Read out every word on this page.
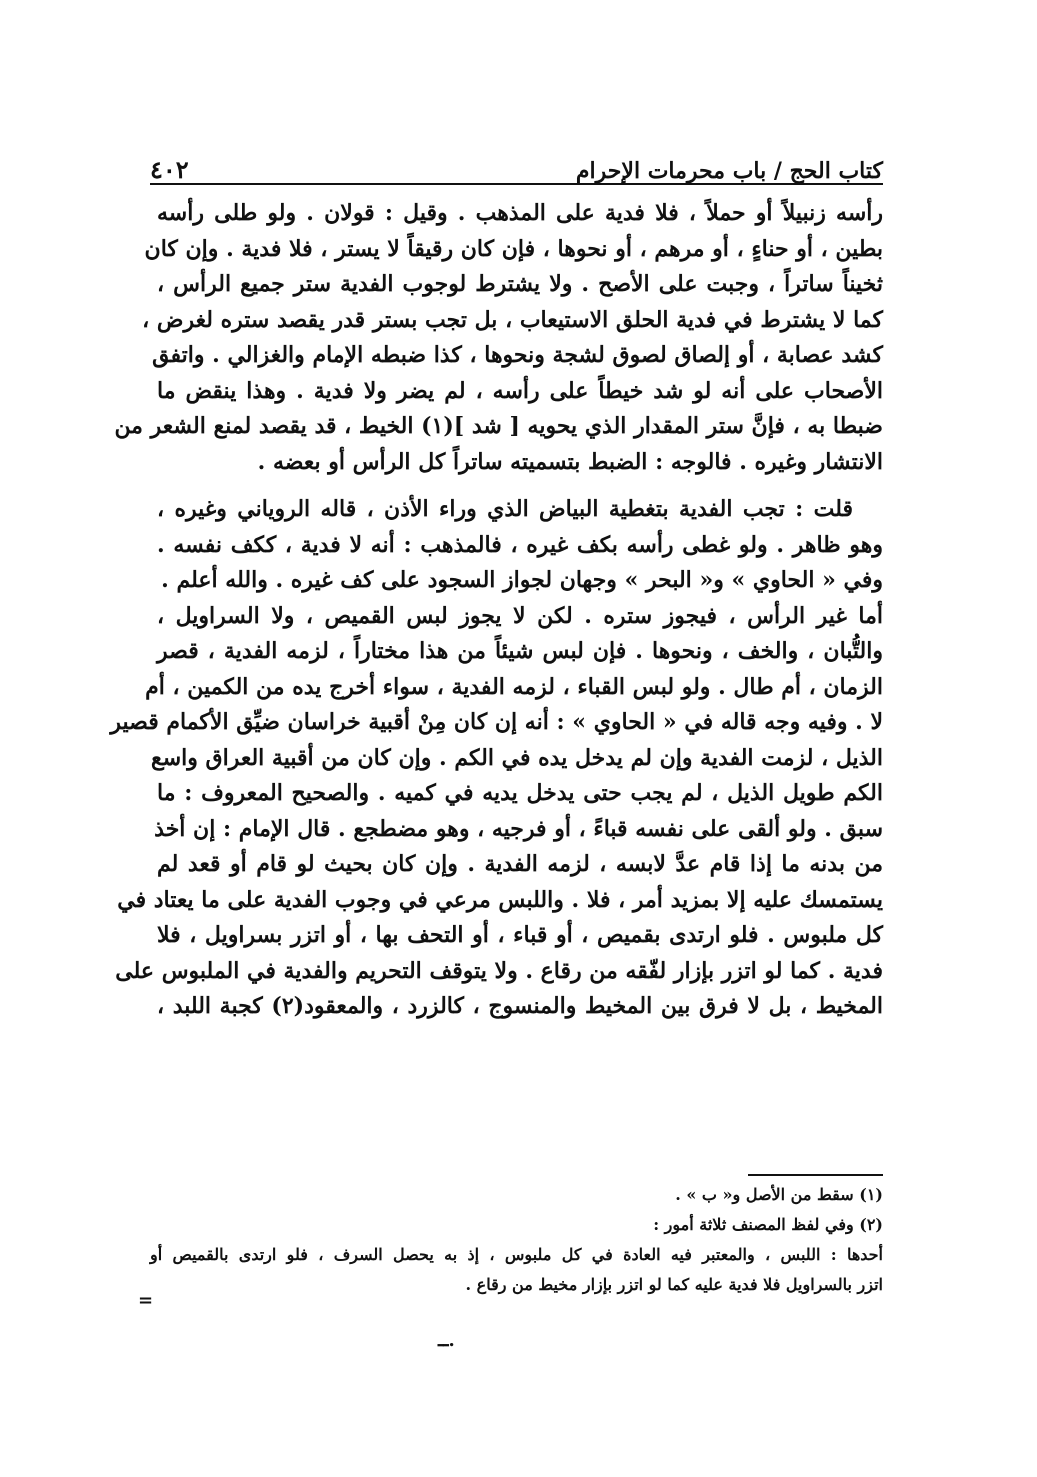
كتاب الحج / باب محرمات الإحرام
٤٠٢
رأسه زنبيلاً أو حملاً ، فلا فدية على المذهب . وقيل : قولان . ولو طلى رأسه
بطين ، أو حناءٍ ، أو مرهم ، أو نحوها ، فإن كان رقيقاً لا يستر ، فلا فدية . وإن كان
ثخيناً ساتراً ، وجبت على الأصح . ولا يشترط لوجوب الفدية ستر جميع الرأس ،
كما لا يشترط في فدية الحلق الاستيعاب ، بل تجب بستر قدر يقصد ستره لغرض ،
كشد عصابة ، أو إلصاق لصوق لشجة ونحوها ، كذا ضبطه الإمام والغزالي . واتفق
الأصحاب على أنه لو شد خيطاً على رأسه ، لم يضر ولا فدية . وهذا ينقض ما
ضبطا به ، فإنَّ ستر المقدار الذي يحويه [ شد ](١) الخيط ، قد يقصد لمنع الشعر من
الانتشار وغيره . فالوجه : الضبط بتسميته ساتراً كل الرأس أو بعضه .
قلت : تجب الفدية بتغطية البياض الذي وراء الأذن ، قاله الروياني وغيره ،
وهو ظاهر . ولو غطى رأسه بكف غيره ، فالمذهب : أنه لا فدية ، ككف نفسه .
وفي « الحاوي » و« البحر » وجهان لجواز السجود على كف غيره . والله أعلم .
أما غير الرأس ، فيجوز ستره . لكن لا يجوز لبس القميص ، ولا السراويل ،
والتُّبان ، والخف ، ونحوها . فإن لبس شيئاً من هذا مختاراً ، لزمه الفدية ، قصر
الزمان ، أم طال . ولو لبس القباء ، لزمه الفدية ، سواء أخرج يده من الكمين ، أم
لا . وفيه وجه قاله في « الحاوي » : أنه إن كان مِنْ أقبية خراسان ضيِّق الأكمام قصير
الذيل ، لزمت الفدية وإن لم يدخل يده في الكم . وإن كان من أقبية العراق واسع
الكم طويل الذيل ، لم يجب حتى يدخل يديه في كميه . والصحيح المعروف : ما
سبق . ولو ألقى على نفسه قباءً ، أو فرجيه ، وهو مضطجع . قال الإمام : إن أخذ
من بدنه ما إذا قام عدَّ لابسه ، لزمه الفدية . وإن كان بحيث لو قام أو قعد لم
يستمسك عليه إلا بمزيد أمر ، فلا . واللبس مرعي في وجوب الفدية على ما يعتاد في
كل ملبوس . فلو ارتدى بقميص ، أو قباء ، أو التحف بها ، أو اتزر بسراويل ، فلا
فدية . كما لو اتزر بإزار لفّقه من رقاع . ولا يتوقف التحريم والفدية في الملبوس على
المخيط ، بل لا فرق بين المخيط والمنسوج ، كالزرد ، والمعقود(٢) كجبة اللبد ،
(١) سقط من الأصل و« ب » .
(٢) وفي لفظ المصنف ثلاثة أمور :
أحدها : اللبس ، والمعتبر فيه العادة في كل ملبوس ، إذ به يحصل السرف ، فلو ارتدى بالقميص أو
اتزر بالسراويل فلا فدية عليه كما لو اتزر بإزار مخيط من رقاع .
=
ــ.
